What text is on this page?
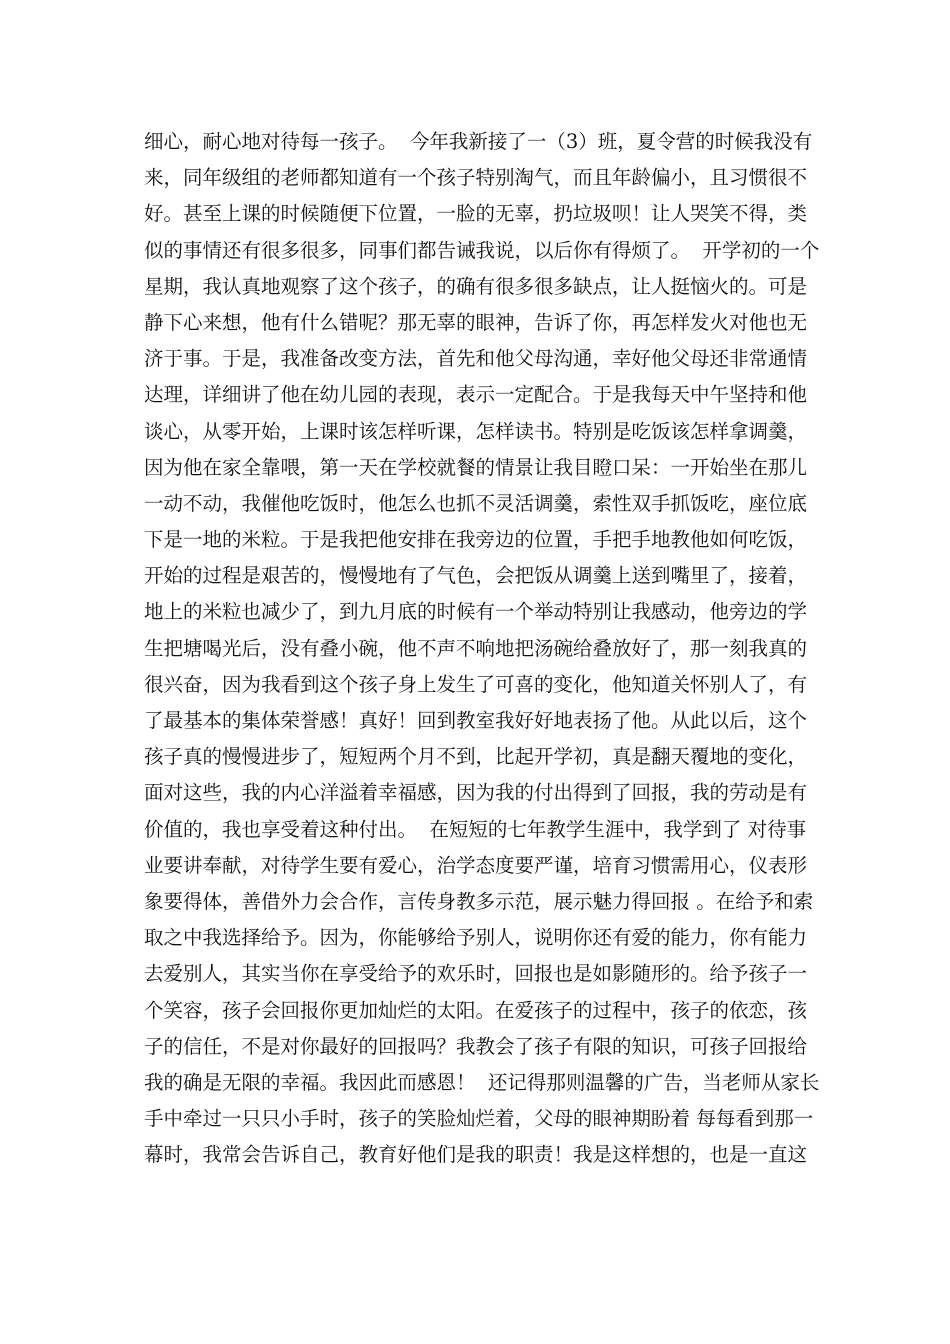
细心，耐心地对待每一孩子。  今年我新接了一（3）班，夏令营的时候我没有
来，同年级组的老师都知道有一个孩子特别淘气，而且年龄偏小，且习惯很不
好。甚至上课的时候随便下位置，一脸的无辜，扔垃圾呗！让人哭笑不得，类
似的事情还有很多很多，同事们都告诫我说，以后你有得烦了。  开学初的一个
星期，我认真地观察了这个孩子，的确有很多很多缺点，让人挺恼火的。可是
静下心来想，他有什么错呢？那无辜的眼神，告诉了你，再怎样发火对他也无
济于事。于是，我准备改变方法，首先和他父母沟通，幸好他父母还非常通情
达理，详细讲了他在幼儿园的表现，表示一定配合。于是我每天中午坚持和他
谈心，从零开始，上课时该怎样听课，怎样读书。特别是吃饭该怎样拿调羹，
因为他在家全靠喂，第一天在学校就餐的情景让我目瞪口呆：一开始坐在那儿
一动不动，我催他吃饭时，他怎么也抓不灵活调羹，索性双手抓饭吃，座位底
下是一地的米粒。于是我把他安排在我旁边的位置，手把手地教他如何吃饭，
开始的过程是艰苦的，慢慢地有了气色，会把饭从调羹上送到嘴里了，接着，
地上的米粒也减少了，到九月底的时候有一个举动特别让我感动，他旁边的学
生把塘喝光后，没有叠小碗，他不声不响地把汤碗给叠放好了，那一刻我真的
很兴奋，因为我看到这个孩子身上发生了可喜的变化，他知道关怀别人了，有
了最基本的集体荣誉感！真好！回到教室我好好地表扬了他。从此以后，这个
孩子真的慢慢进步了，短短两个月不到，比起开学初，真是翻天覆地的变化，
面对这些，我的内心洋溢着幸福感，因为我的付出得到了回报，我的劳动是有
价值的，我也享受着这种付出。  在短短的七年教学生涯中，我学到了 对待事
业要讲奉献，对待学生要有爱心，治学态度要严谨，培育习惯需用心，仪表形
象要得体，善借外力会合作，言传身教多示范，展示魅力得回报 。在给予和索
取之中我选择给予。因为，你能够给予别人，说明你还有爱的能力，你有能力
去爱别人，其实当你在享受给予的欢乐时，回报也是如影随形的。给予孩子一
个笑容，孩子会回报你更加灿烂的太阳。在爱孩子的过程中，孩子的依恋，孩
子的信任，不是对你最好的回报吗？我教会了孩子有限的知识，可孩子回报给
我的确是无限的幸福。我因此而感恩！  还记得那则温馨的广告，当老师从家长
手中牵过一只只小手时，孩子的笑脸灿烂着，父母的眼神期盼着 每每看到那一
幕时，我常会告诉自己，教育好他们是我的职责！我是这样想的，也是一直这
